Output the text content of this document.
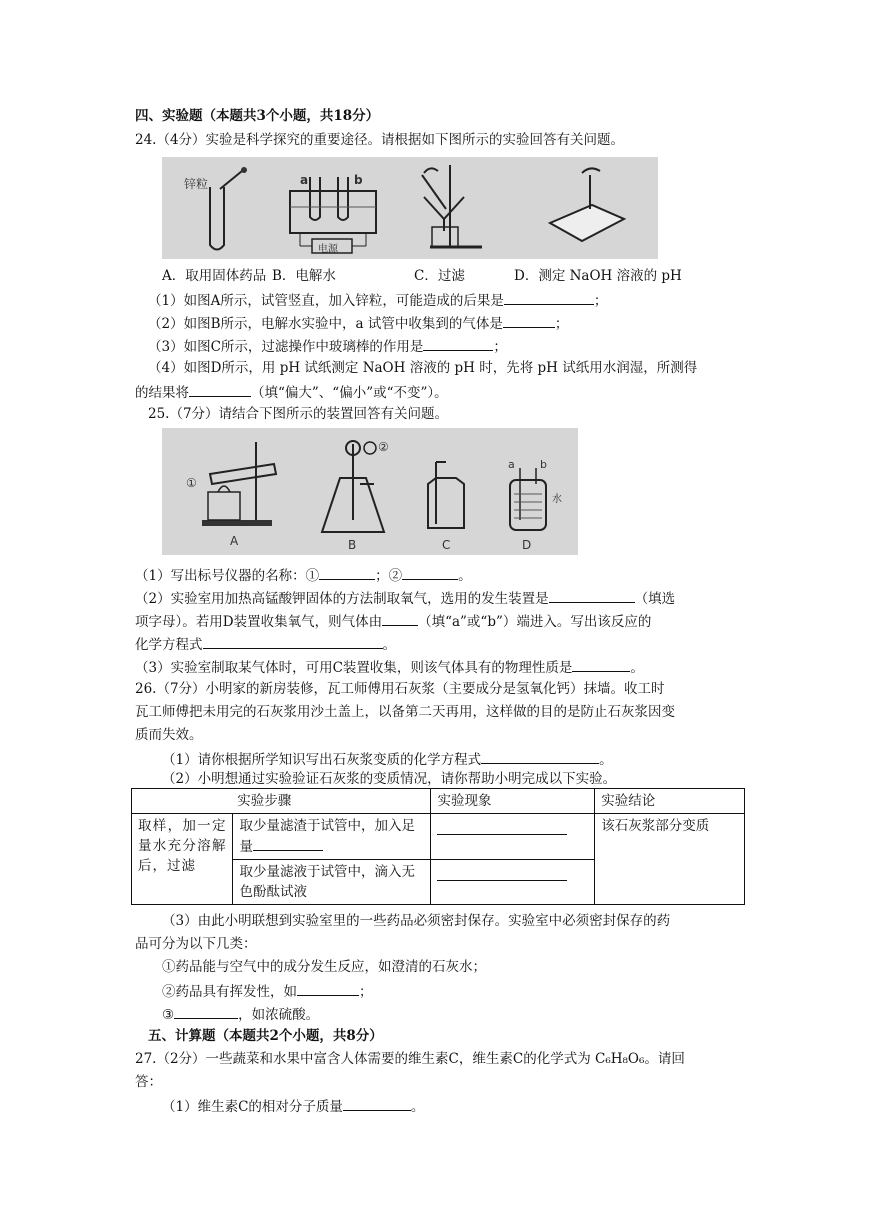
四、实验题（本题共3个小题，共18分）
24.（4分）实验是科学探究的重要途径。请根据如下图所示的实验回答有关问题。
锌粒	a	b
电源
A．取用固体药品 B．电解水	C．过滤	D．测定 NaOH 溶液的 pH
（1）如图A所示，试管竖直，加入锌粒，可能造成的后果是	；
（2）如图B所示，电解水实验中，a 试管中收集到的气体是	；
（3）如图C所示，过滤操作中玻璃棒的作用是	；
（4）如图D所示，用 pH 试纸测定 NaOH 溶液的 pH 时，先将 pH 试纸用水润湿，所测得
的结果将	（填“偏大”、“偏小”或“不变”）。
25.（7分）请结合下图所示的装置回答有关问题。
①
②
A	B	C	D
a b
水
（1）写出标号仪器的名称：①	；②	。
（2）实验室用加热高锰酸钾固体的方法制取氧气，选用的发生装置是	（填选
项字母）。若用D装置收集氧气，则气体由	（填“a”或“b”）端进入。写出该反应的
化学方程式	。
（3）实验室制取某气体时，可用C装置收集，则该气体具有的物理性质是	。
26.（7分）小明家的新房装修，瓦工师傅用石灰浆（主要成分是氢氧化钙）抹墙。收工时
瓦工师傅把未用完的石灰浆用沙土盖上，以备第二天再用，这样做的目的是防止石灰浆因变
质而失效。
（1）请你根据所学知识写出石灰浆变质的化学方程式	。
（2）小明想通过实验验证石灰浆的变质情况，请你帮助小明完成以下实验。
实验步骤		实验现象	实验结论
取样，加一定量水充分溶解后，过滤	取少量滤渣于试管中，加入足量		该石灰浆部分变质
	取少量滤液于试管中，滴入无色酚酞试液		
（3）由此小明联想到实验室里的一些药品必须密封保存。实验室中必须密封保存的药
品可分为以下几类：
①药品能与空气中的成分发生反应，如澄清的石灰水；
②药品具有挥发性，如	；
③	，如浓硫酸。
五、计算题（本题共2个小题，共8分）
27.（2分）一些蔬菜和水果中富含人体需要的维生素C，维生素C的化学式为 C₆H₈O₆。请回
答：
（1）维生素C的相对分子质量	。
